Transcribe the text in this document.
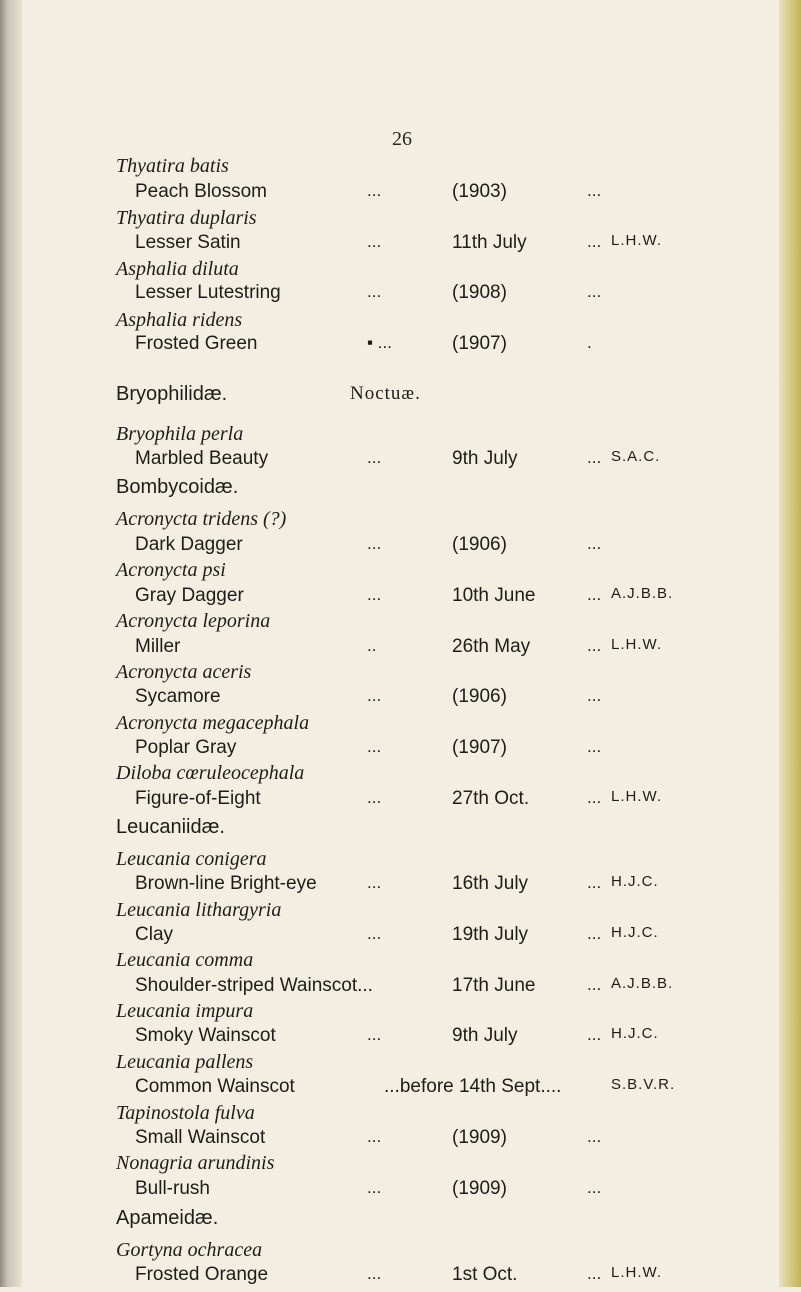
26
Thyatira batis
Peach Blossom	...	(1903)	...
Thyatira duplaris
Lesser Satin	...	11th July	... L.H.W.
Asphalia diluta
Lesser Lutestring	...	(1908)	...
Asphalia ridens
Frosted Green	▪ ...	(1907)	.
Bryophilidæ.	Noctuæ.
Bryophila perla
Marbled Beauty	...	9th July	... S.A.C.
Bombycoidæ.
Acronycta tridens (?)
Dark Dagger	...	(1906)	...
Acronycta psi
Gray Dagger	...	10th June	... A.J.B.B.
Acronycta leporina
Miller	..	26th May	... L.H.W.
Acronycta aceris
Sycamore	...	(1906)	...
Acronycta megacephala
Poplar Gray	...	(1907)	...
Diloba cœruleocephala
Figure-of-Eight	...	27th Oct.	... L.H.W.
Leucaniidæ.
Leucania conigera
Brown-line Bright-eye	...	16th July	... H.J.C.
Leucania lithargyria
Clay	...	19th July	... H.J.C.
Leucania comma
Shoulder-striped Wainscot...	17th June	... A.J.B.B.
Leucania impura
Smoky Wainscot	...	9th July	... H.J.C.
Leucania pallens
Common Wainscot	...before 14th Sept....	S.B.V.R.
Tapinostola fulva
Small Wainscot	...	(1909)	...
Nonagria arundinis
Bull-rush	...	(1909)	...
Apameidæ.
Gortyna ochracea
Frosted Orange	...	1st Oct.	... L.H.W.
